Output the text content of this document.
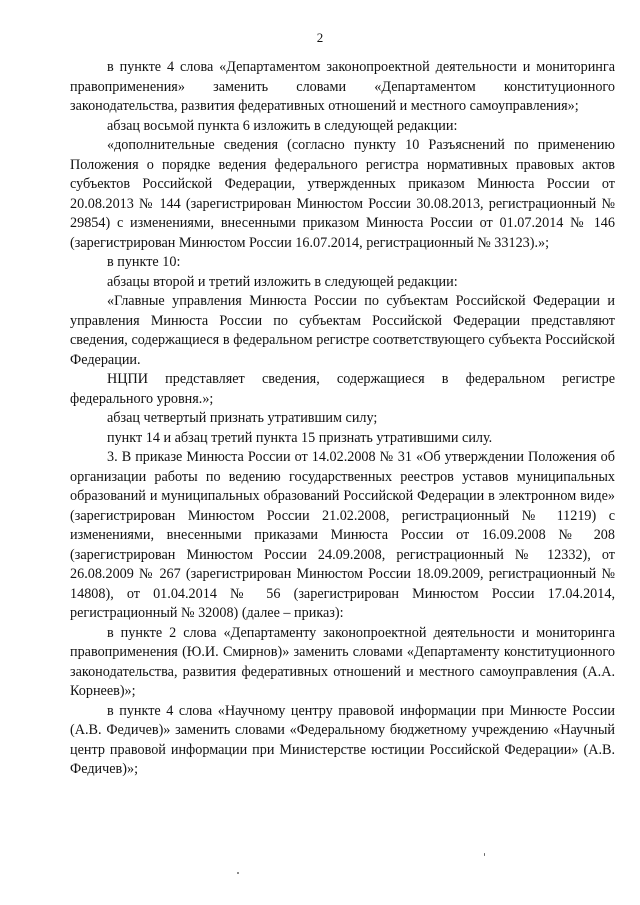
2

в пункте 4 слова «Департаментом законопроектной деятельности и мониторинга правоприменения» заменить словами «Департаментом конституционного законодательства, развития федеративных отношений и местного самоуправления»;

абзац восьмой пункта 6 изложить в следующей редакции:

«дополнительные сведения (согласно пункту 10 Разъяснений по применению Положения о порядке ведения федерального регистра нормативных правовых актов субъектов Российской Федерации, утвержденных приказом Минюста России от 20.08.2013 № 144 (зарегистрирован Минюстом России 30.08.2013, регистрационный № 29854) с изменениями, внесенными приказом Минюста России от 01.07.2014 № 146 (зарегистрирован Минюстом России 16.07.2014, регистрационный № 33123).»;

в пункте 10:

абзацы второй и третий изложить в следующей редакции:

«Главные управления Минюста России по субъектам Российской Федерации и управления Минюста России по субъектам Российской Федерации представляют сведения, содержащиеся в федеральном регистре соответствующего субъекта Российской Федерации.

НЦПИ представляет сведения, содержащиеся в федеральном регистре федерального уровня.»;

абзац четвертый признать утратившим силу;

пункт 14 и абзац третий пункта 15 признать утратившими силу.

3. В приказе Минюста России от 14.02.2008 № 31 «Об утверждении Положения об организации работы по ведению государственных реестров уставов муниципальных образований и муниципальных образований Российской Федерации в электронном виде» (зарегистрирован Минюстом России 21.02.2008, регистрационный № 11219) с изменениями, внесенными приказами Минюста России от 16.09.2008 № 208 (зарегистрирован Минюстом России 24.09.2008, регистрационный № 12332), от 26.08.2009 № 267 (зарегистрирован Минюстом России 18.09.2009, регистрационный № 14808), от 01.04.2014 № 56 (зарегистрирован Минюстом России 17.04.2014, регистрационный № 32008) (далее – приказ):

в пункте 2 слова «Департаменту законопроектной деятельности и мониторинга правоприменения (Ю.И. Смирнов)» заменить словами «Департаменту конституционного законодательства, развития федеративных отношений и местного самоуправления (А.А. Корнеев)»;

в пункте 4 слова «Научному центру правовой информации при Минюсте России (А.В. Федичев)» заменить словами «Федеральному бюджетному учреждению «Научный центр правовой информации при Министерстве юстиции Российской Федерации» (А.В. Федичев)»;
